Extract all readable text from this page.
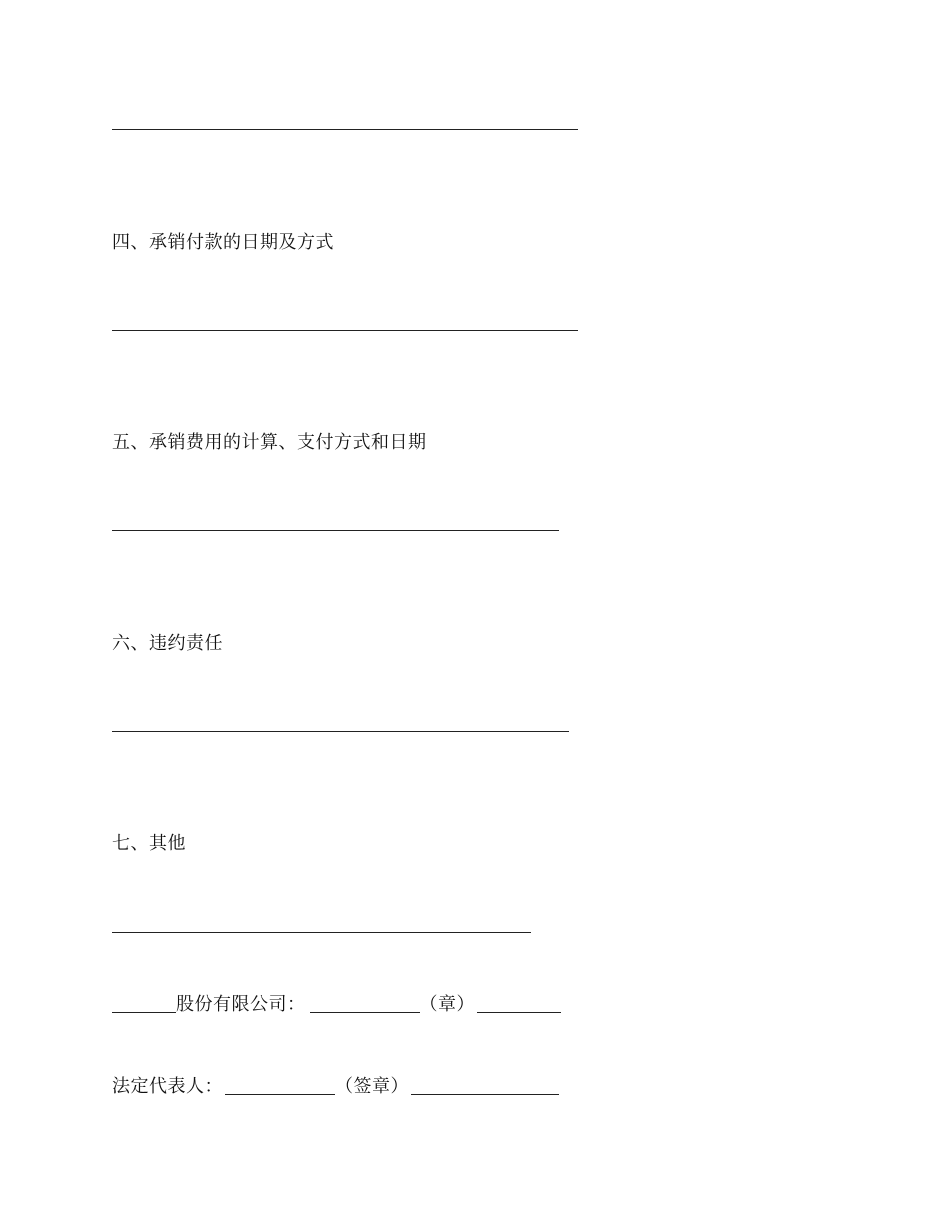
四、承销付款的日期及方式
五、承销费用的计算、支付方式和日期
六、违约责任
七、其他
股份有限公司：	（章）
法定代表人：	（签章）
